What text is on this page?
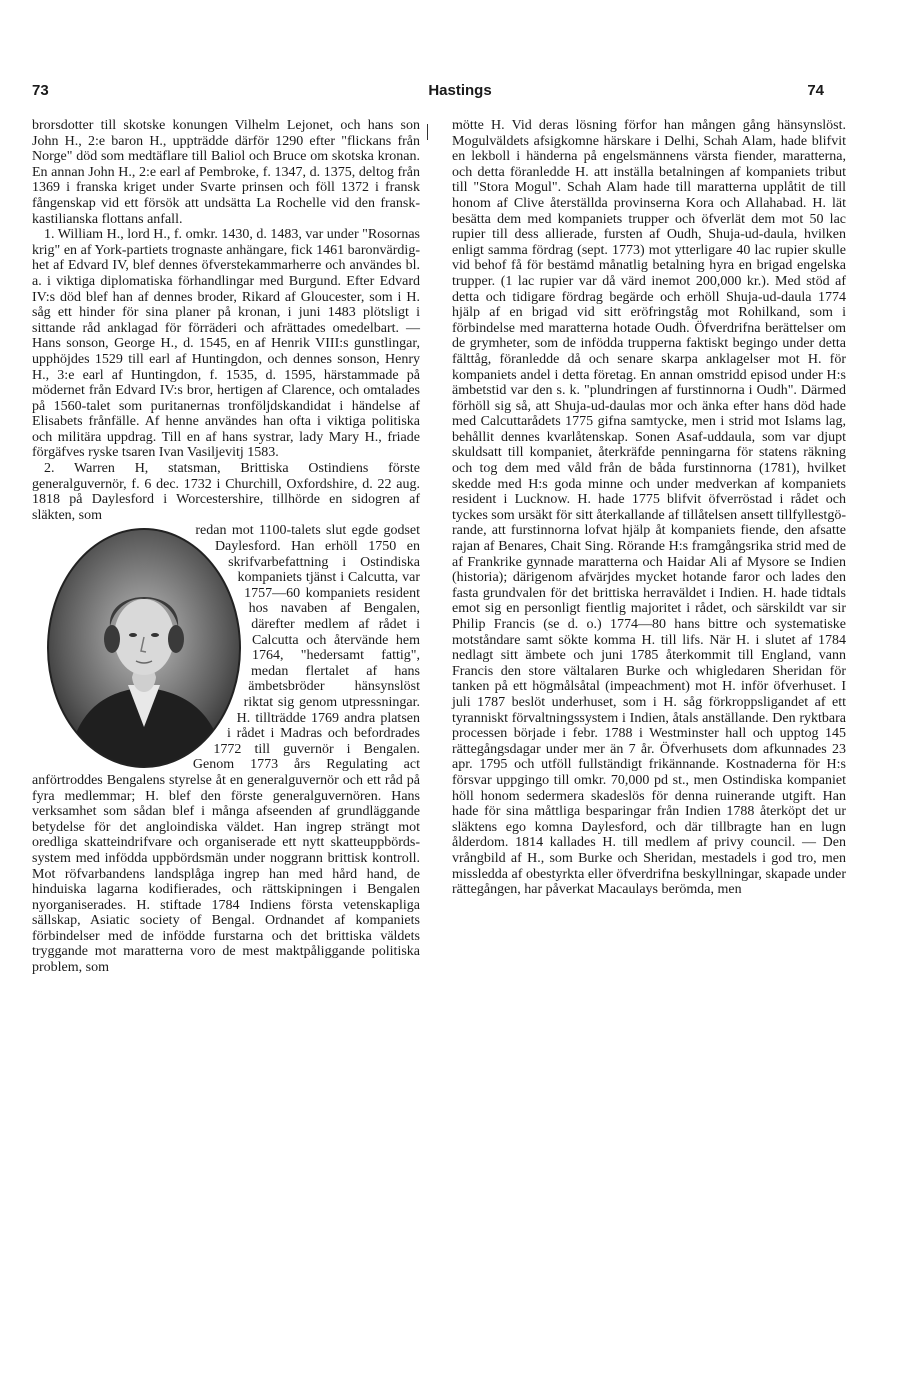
73	Hastings	74

brorsdotter till skotske konungen Vilhelm Lejonet, och hans son John H., 2:e baron H., uppträdde därför 1290 efter "flickans från Norge" död som medtäflare till Baliol och Bruce om skotska kronan. En annan John H., 2:e earl af Pembroke, f. 1347, d. 1375, deltog från 1369 i franska kriget under Svarte prinsen och föll 1372 i fransk fångenskap vid ett försök att undsätta La Rochelle vid den fransk-kastilianska flottans anfall.

1. William H., lord H., f. omkr. 1430, d. 1483, var under "Rosornas krig" en af York-partiets trognaste anhängare, fick 1461 baronvärdighet af Edvard IV, blef dennes öfverstekammarherre och användes bl. a. i viktiga diplomatiska förhandlingar med Burgund. Efter Edvard IV:s död blef han af dennes broder, Rikard af Gloucester, som i H. såg ett hinder för sina planer på kronan, i juni 1483 plötsligt i sittande råd anklagad för förräderi och afrättades omedelbart. — Hans sonson, George H., d. 1545, en af Henrik VIII:s gunstlingar, upphöjdes 1529 till earl af Huntingdon, och dennes sonson, Henry H., 3:e earl af Huntingdon, f. 1535, d. 1595, härstammade på mödernet från Edvard IV:s bror, hertigen af Clarence, och omtalades på 1560-talet som puritanernas tronföljdskandidat i händelse af Elisabets frånfälle. Af henne användes han ofta i viktiga politiska och militära uppdrag. Till en af hans systrar, lady Mary H., friade förgäfves ryske tsaren Ivan Vasiljevitj 1583.

2. Warren H, statsman, Brittiska Ostindiens förste generalguvernör, f. 6 dec. 1732 i Churchill, Oxfordshire, d. 22 aug. 1818 på Daylesford i Worcestershire, tillhörde en sidogren af släkten, som

redan mot 1100-talets slut egde godset Daylesford. Han erhöll 1750 en skrifvarbefattning i Ostindiska kompaniets tjänst i Calcutta, var 1757—60 kompaniets resident hos navaben af Bengalen, därefter medlem af rådet i Calcutta och återvände hem 1764, "hedersamt fattig", medan flertalet af hans ämbetsbröder hänsynslöst riktat sig genom utpressningar. H. tillträdde 1769 andra platsen i rådet i Madras och befordrades 1772 till guvernör i Bengalen. Genom 1773 års Regulating act anförtroddes Bengalens styrelse åt en generalguvernör och ett råd på fyra medlemmar; H. blef den förste generalguvernören. Hans verksamhet som sådan blef i många afseenden af grundläggande betydelse för det angloindiska väldet. Han ingrep strängt mot oredliga skatteindrifvare och organiserade ett nytt skatteuppbördssystem med infödda uppbördsmän under noggrann brittisk kontroll. Mot röfvarbandens landsplåga ingrep han med hård hand, de hinduiska lagarna kodifierades, och rättskipningen i Bengalen nyorganiserades. H. stiftade 1784 Indiens första vetenskapliga sällskap, Asiatic society of Bengal. Ordnandet af kompaniets förbindelser med de infödde furstarna och det brittiska väldets tryggande mot maratterna voro de mest maktpåliggande politiska problem, som

mötte H. Vid deras lösning förfor han mången gång hänsynslöst. Mogulväldets afsigkomne härskare i Delhi, Schah Alam, hade blifvit en lekboll i händerna på engelsmännens värsta fiender, maratterna, och detta föranledde H. att inställa betalningen af kompaniets tribut till "Stora Mogul". Schah Alam hade till maratterna upplåtit de till honom af Clive återställda provinserna Kora och Allahabad. H. lät besätta dem med kompaniets trupper och öfverlät dem mot 50 lac rupier till dess allierade, fursten af Oudh, Shuja-ud-daula, hvilken enligt samma fördrag (sept. 1773) mot ytterligare 40 lac rupier skulle vid behof få för bestämd månatlig betalning hyra en brigad engelska trupper. (1 lac rupier var då värd inemot 200,000 kr.). Med stöd af detta och tidigare fördrag begärde och erhöll Shuja-ud-daula 1774 hjälp af en brigad vid sitt eröfringståg mot Rohilkand, som i förbindelse med maratterna hotade Oudh. Öfverdrifna berättelser om de grymheter, som de infödda trupperna faktiskt begingo under detta fälttåg, föranledde då och senare skarpa anklagelser mot H. för kompaniets andel i detta företag. En annan omstridd episod under H:s ämbetstid var den s. k. "plundringen af furstinnorna i Oudh". Därmed förhöll sig så, att Shuja-ud-daulas mor och änka efter hans död hade med Calcuttarådets 1775 gifna samtycke, men i strid mot Islams lag, behållit dennes kvarlåtenskap. Sonen Asaf-uddaula, som var djupt skuldsatt till kompaniet, återkräfde penningarna för statens räkning och tog dem med våld från de båda furstinnorna (1781), hvilket skedde med H:s goda minne och under medverkan af kompaniets resident i Lucknow. H. hade 1775 blifvit öfverröstad i rådet och tyckes som ursäkt för sitt återkallande af tillåtelsen ansett tillfyllestgörande, att furstinnorna lofvat hjälp åt kompaniets fiende, den afsatte rajan af Benares, Chait Sing. Rörande H:s framgångsrika strid med de af Frankrike gynnade maratterna och Haidar Ali af Mysore se Indien (historia); därigenom afvärjdes mycket hotande faror och lades den fasta grundvalen för det brittiska herraväldet i Indien. H. hade tidtals emot sig en personligt fientlig majoritet i rådet, och särskildt var sir Philip Francis (se d. o.) 1774—80 hans bittre och systematiske motståndare samt sökte komma H. till lifs. När H. i slutet af 1784 nedlagt sitt ämbete och juni 1785 återkommit till England, vann Francis den store vältalaren Burke och whigledaren Sheridan för tanken på ett högmålsåtal (impeachment) mot H. inför öfverhuset. I juli 1787 beslöt underhuset, som i H. såg förkroppsligandet af ett tyranniskt förvaltningssystem i Indien, åtals anställande. Den ryktbara processen började i febr. 1788 i Westminster hall och upptog 145 rättegångsdagar under mer än 7 år. Öfverhusets dom afkunnades 23 apr. 1795 och utföll fullständigt frikännande. Kostnaderna för H:s försvar uppgingo till omkr. 70,000 pd st., men Ostindiska kompaniet höll honom sedermera skadeslös för denna ruinerande utgift. Han hade för sina måttliga besparingar från Indien 1788 återköpt det ur släktens ego komna Daylesford, och där tillbragte han en lugn ålderdom. 1814 kallades H. till medlem af privy council. — Den vrångbild af H., som Burke och Sheridan, mestadels i god tro, men missledda af obestyrkta eller öfverdrifna beskyllningar, skapade under rättegången, har påverkat Macaulays berömda, men
